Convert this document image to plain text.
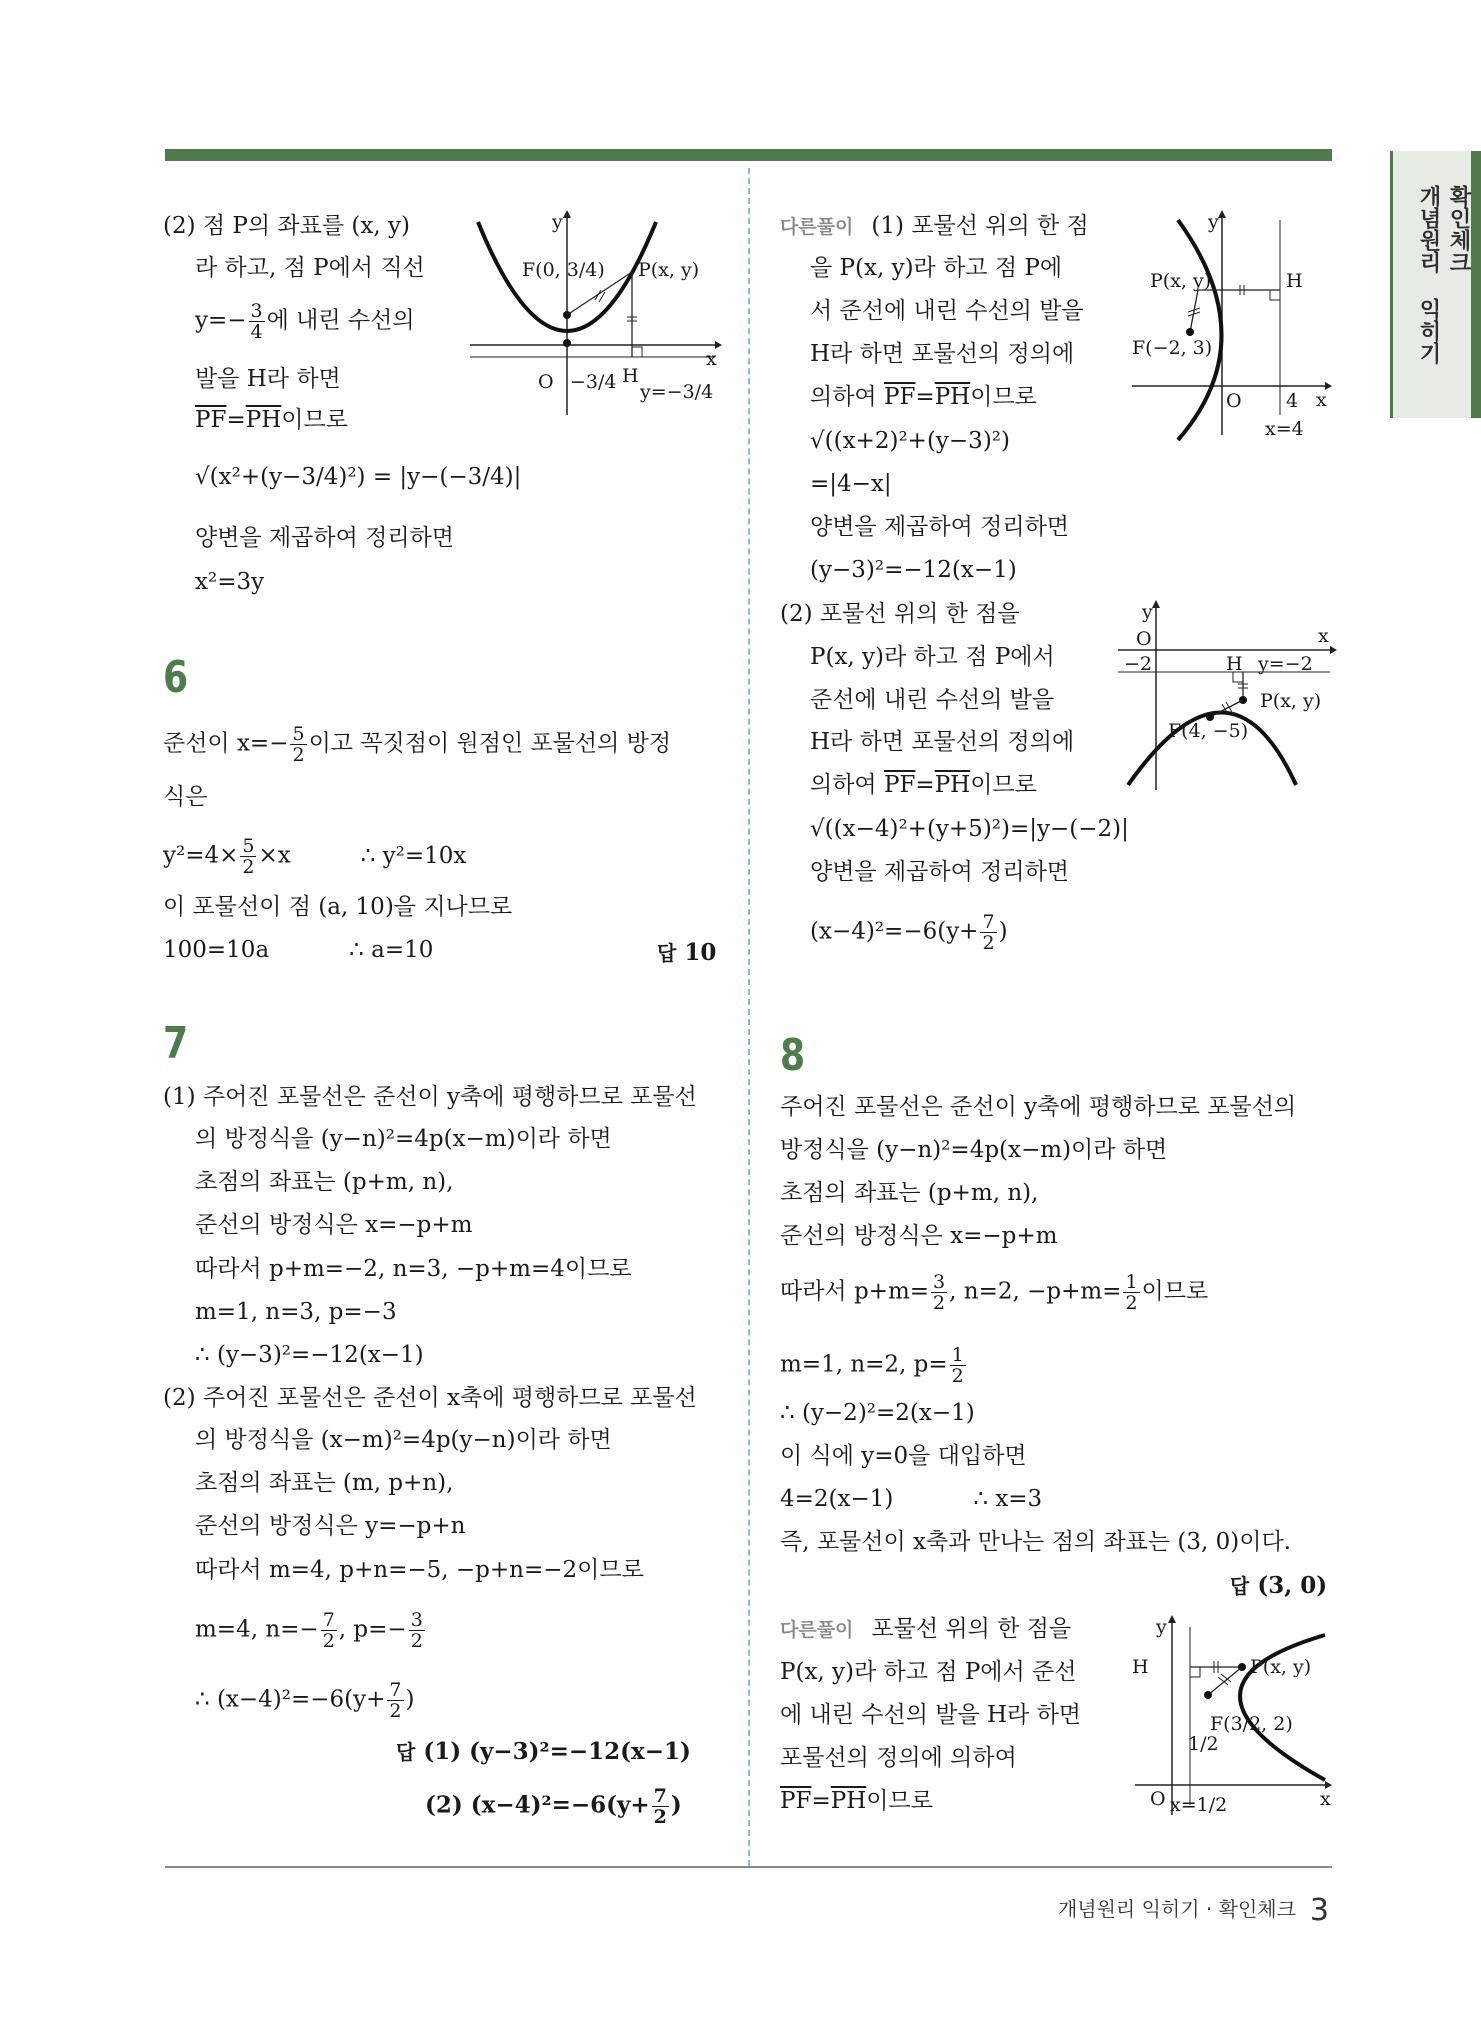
개념원리 익히기 확인체크
개념원리 익히기 · 확인체크 3
(2) 점 P의 좌표를 (x, y)
라 하고, 점 P에서 직선
$y=- \frac{3}{4}$ 에 내린 수선의
발을 H라 하면
$\overline{PF}=\overline{PH}$이므로
√(x²+(y−3/4)²) = |y−(−3/4)|
양변을 제곱하여 정리하면
x²=3y
y
x
O
F(0, 3/4) P(x, y)
H
−3/4 y=−3/4
6
준선이 $x=- \frac{5}{2}$ 이고 꼭짓점이 원점인 포물선의 방정
식은
$y^2=4\times \frac{5}{2} \times x$	∴ y²=10x
이 포물선이 점 (a, 10)을 지나므로
100=10a	∴ a=10	답 10
7
(1) 주어진 포물선은 준선이 y축에 평행하므로 포물선
의 방정식을 (y−n)²=4p(x−m)이라 하면
초점의 좌표는 (p+m, n),
준선의 방정식은 x=−p+m
따라서 p+m=−2, n=3, −p+m=4이므로
m=1, n=3, p=−3
∴ (y−3)²=−12(x−1)
(2) 주어진 포물선은 준선이 x축에 평행하므로 포물선
의 방정식을 (x−m)²=4p(y−n)이라 하면
초점의 좌표는 (m, p+n),
준선의 방정식은 y=−p+n
따라서 m=4, p+n=−5, −p+n=−2이므로
m=4, $n=- \frac{7}{2}$ , $p=- \frac{3}{2}$
∴ $(x-4)^2=-6(y+ \frac{7}{2}$ )
답 (1) (y−3)²=−12(x−1)
(2) $(x-4)^2=-6(y+ \frac{7}{2}$ )
다른풀이 (1) 포물선 위의 한 점
을 P(x, y)라 하고 점 P에
서 준선에 내린 수선의 발을
H라 하면 포물선의 정의에
의하여 $\overline{PF}=\overline{PH}$이므로
√((x+2)²+(y−3)²)
=|4−x|
양변을 제곱하여 정리하면
(y−3)²=−12(x−1)
y
x
O
P(x, y)	H
F(−2, 3)
4
x=4
(2) 포물선 위의 한 점을
P(x, y)라 하고 점 P에서
준선에 내린 수선의 발을
H라 하면 포물선의 정의에
의하여 $\overline{PF}=\overline{PH}$이므로
√((x−4)²+(y+5)²)=|y−(−2)|
양변을 제곱하여 정리하면
$(x-4)^2=-6(y+ \frac{7}{2}$ )
y
x
O
−2	H y=−2
P(x, y)
F(4, −5)
8
주어진 포물선은 준선이 y축에 평행하므로 포물선의
방정식을 (y−n)²=4p(x−m)이라 하면
초점의 좌표는 (p+m, n),
준선의 방정식은 x=−p+m
따라서 $p+m= \frac{3}{2}$ , n=2, $-p+m= \frac{1}{2}$ 이므로
m=1, n=2, $p= \frac{1}{2}$
∴ (y−2)²=2(x−1)
이 식에 y=0을 대입하면
4=2(x−1)	∴ x=3
즉, 포물선이 x축과 만나는 점의 좌표는 (3, 0)이다.
답 (3, 0)
다른풀이 포물선 위의 한 점을
P(x, y)라 하고 점 P에서 준선
에 내린 수선의 발을 H라 하면
포물선의 정의에 의하여
$\overline{PF}=\overline{PH}$이므로
y
x
O
H	P(x, y)
F(3/2, 2)
1/2
x=1/2
